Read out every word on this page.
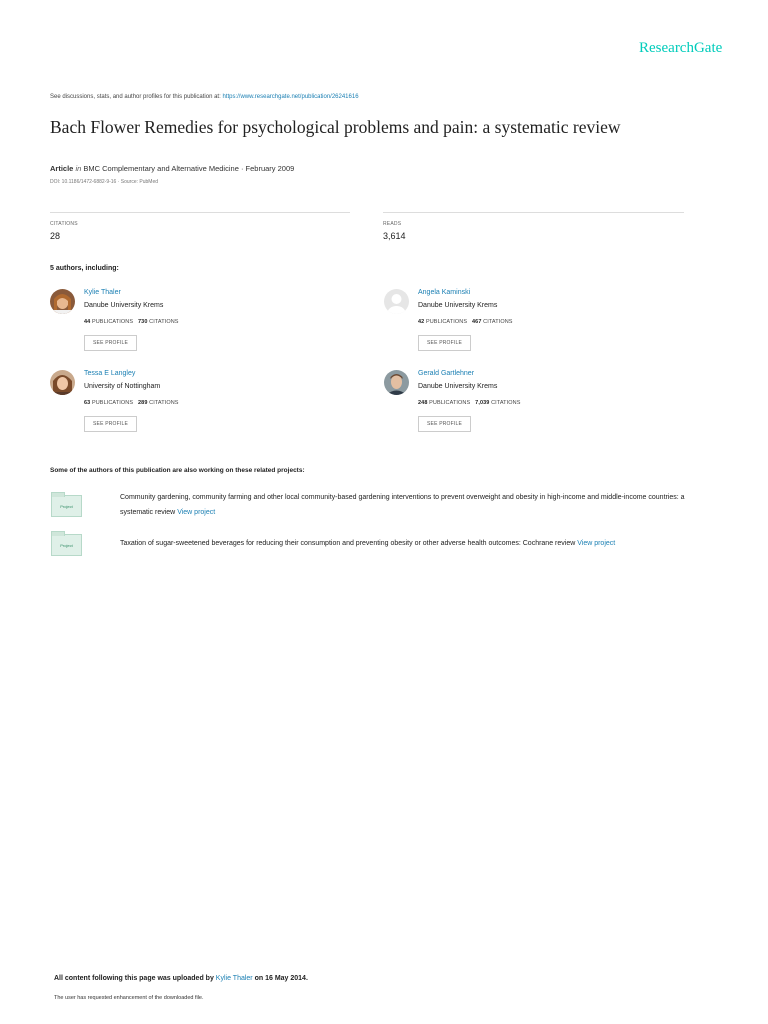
ResearchGate
See discussions, stats, and author profiles for this publication at: https://www.researchgate.net/publication/26241616
Bach Flower Remedies for psychological problems and pain: a systematic review
Article in BMC Complementary and Alternative Medicine · February 2009
DOI: 10.1186/1472-6882-9-16 · Source: PubMed
CITATIONS
28
READS
3,614
5 authors, including:
Kylie Thaler
Danube University Krems
44 PUBLICATIONS 730 CITATIONS
SEE PROFILE
Angela Kaminski
Danube University Krems
42 PUBLICATIONS 467 CITATIONS
SEE PROFILE
Tessa E Langley
University of Nottingham
63 PUBLICATIONS 289 CITATIONS
SEE PROFILE
Gerald Gartlehner
Danube University Krems
248 PUBLICATIONS 7,039 CITATIONS
SEE PROFILE
Some of the authors of this publication are also working on these related projects:
Project
Community gardening, community farming and other local community-based gardening interventions to prevent overweight and obesity in high-income and middle-income countries: a systematic review View project
Project	Taxation of sugar-sweetened beverages for reducing their consumption and preventing obesity or other adverse health outcomes: Cochrane review View project
All content following this page was uploaded by Kylie Thaler on 16 May 2014.
The user has requested enhancement of the downloaded file.
